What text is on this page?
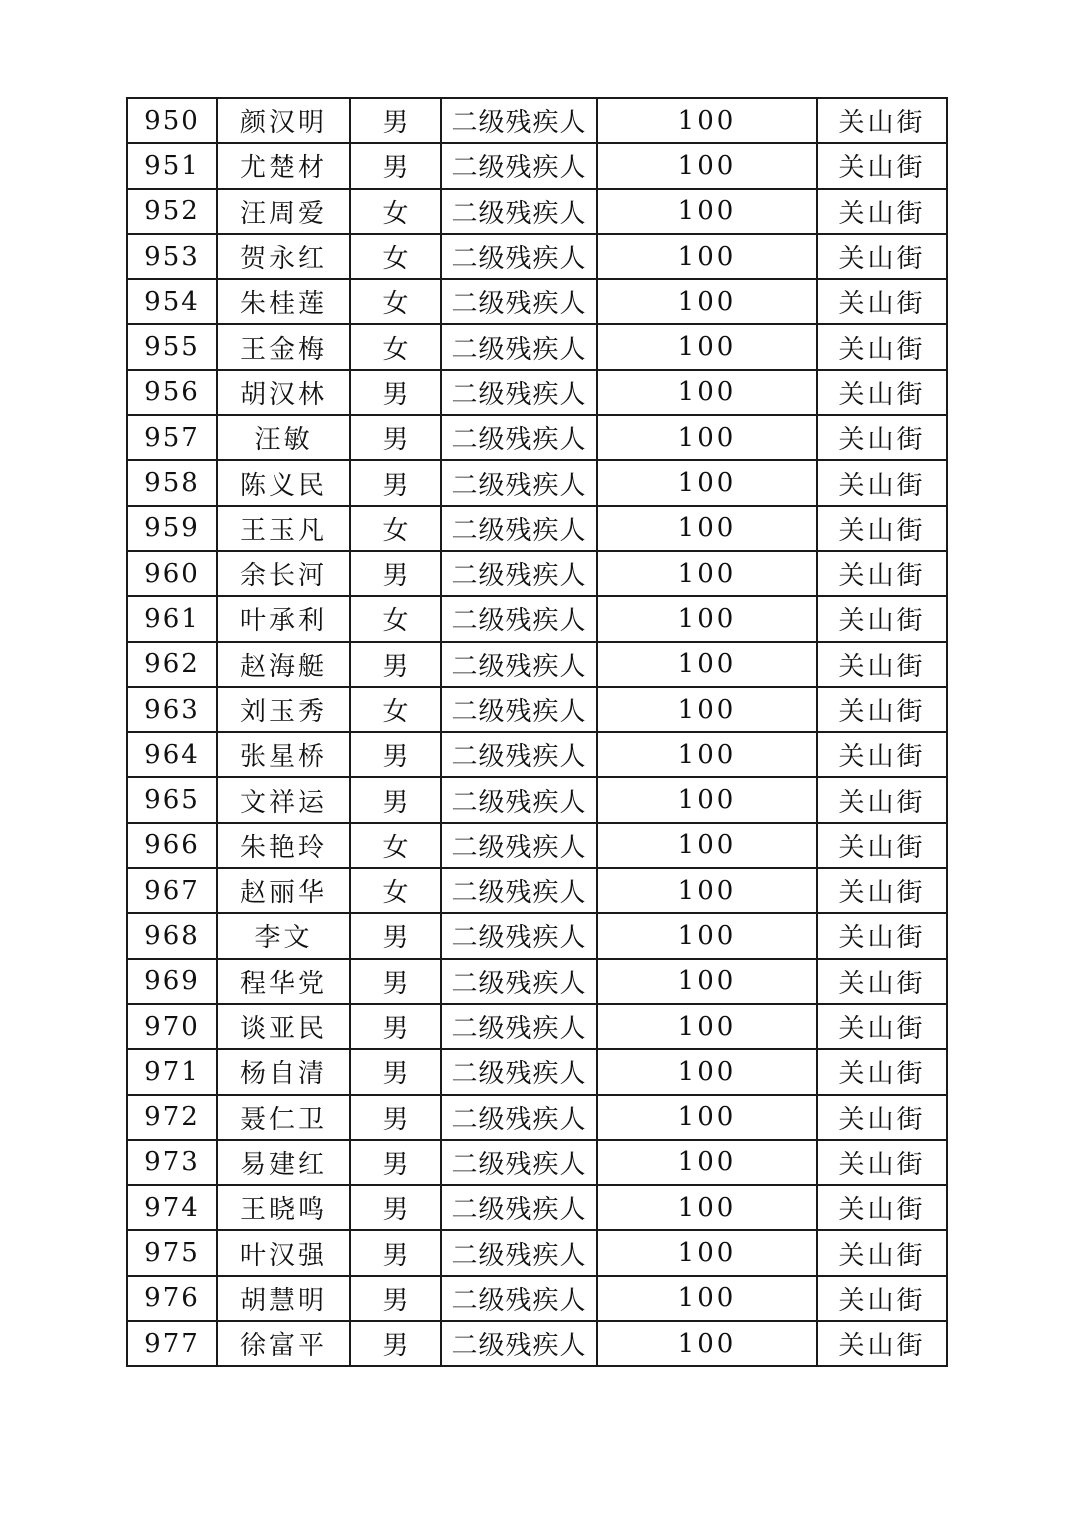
950	颜汉明	男	二级残疾人	100	关山街
951	尤楚材	男	二级残疾人	100	关山街
952	汪周爱	女	二级残疾人	100	关山街
953	贺永红	女	二级残疾人	100	关山街
954	朱桂莲	女	二级残疾人	100	关山街
955	王金梅	女	二级残疾人	100	关山街
956	胡汉林	男	二级残疾人	100	关山街
957	汪敏	男	二级残疾人	100	关山街
958	陈义民	男	二级残疾人	100	关山街
959	王玉凡	女	二级残疾人	100	关山街
960	余长河	男	二级残疾人	100	关山街
961	叶承利	女	二级残疾人	100	关山街
962	赵海艇	男	二级残疾人	100	关山街
963	刘玉秀	女	二级残疾人	100	关山街
964	张星桥	男	二级残疾人	100	关山街
965	文祥运	男	二级残疾人	100	关山街
966	朱艳玲	女	二级残疾人	100	关山街
967	赵丽华	女	二级残疾人	100	关山街
968	李文	男	二级残疾人	100	关山街
969	程华党	男	二级残疾人	100	关山街
970	谈亚民	男	二级残疾人	100	关山街
971	杨自清	男	二级残疾人	100	关山街
972	聂仁卫	男	二级残疾人	100	关山街
973	易建红	男	二级残疾人	100	关山街
974	王晓鸣	男	二级残疾人	100	关山街
975	叶汉强	男	二级残疾人	100	关山街
976	胡慧明	男	二级残疾人	100	关山街
977	徐富平	男	二级残疾人	100	关山街
